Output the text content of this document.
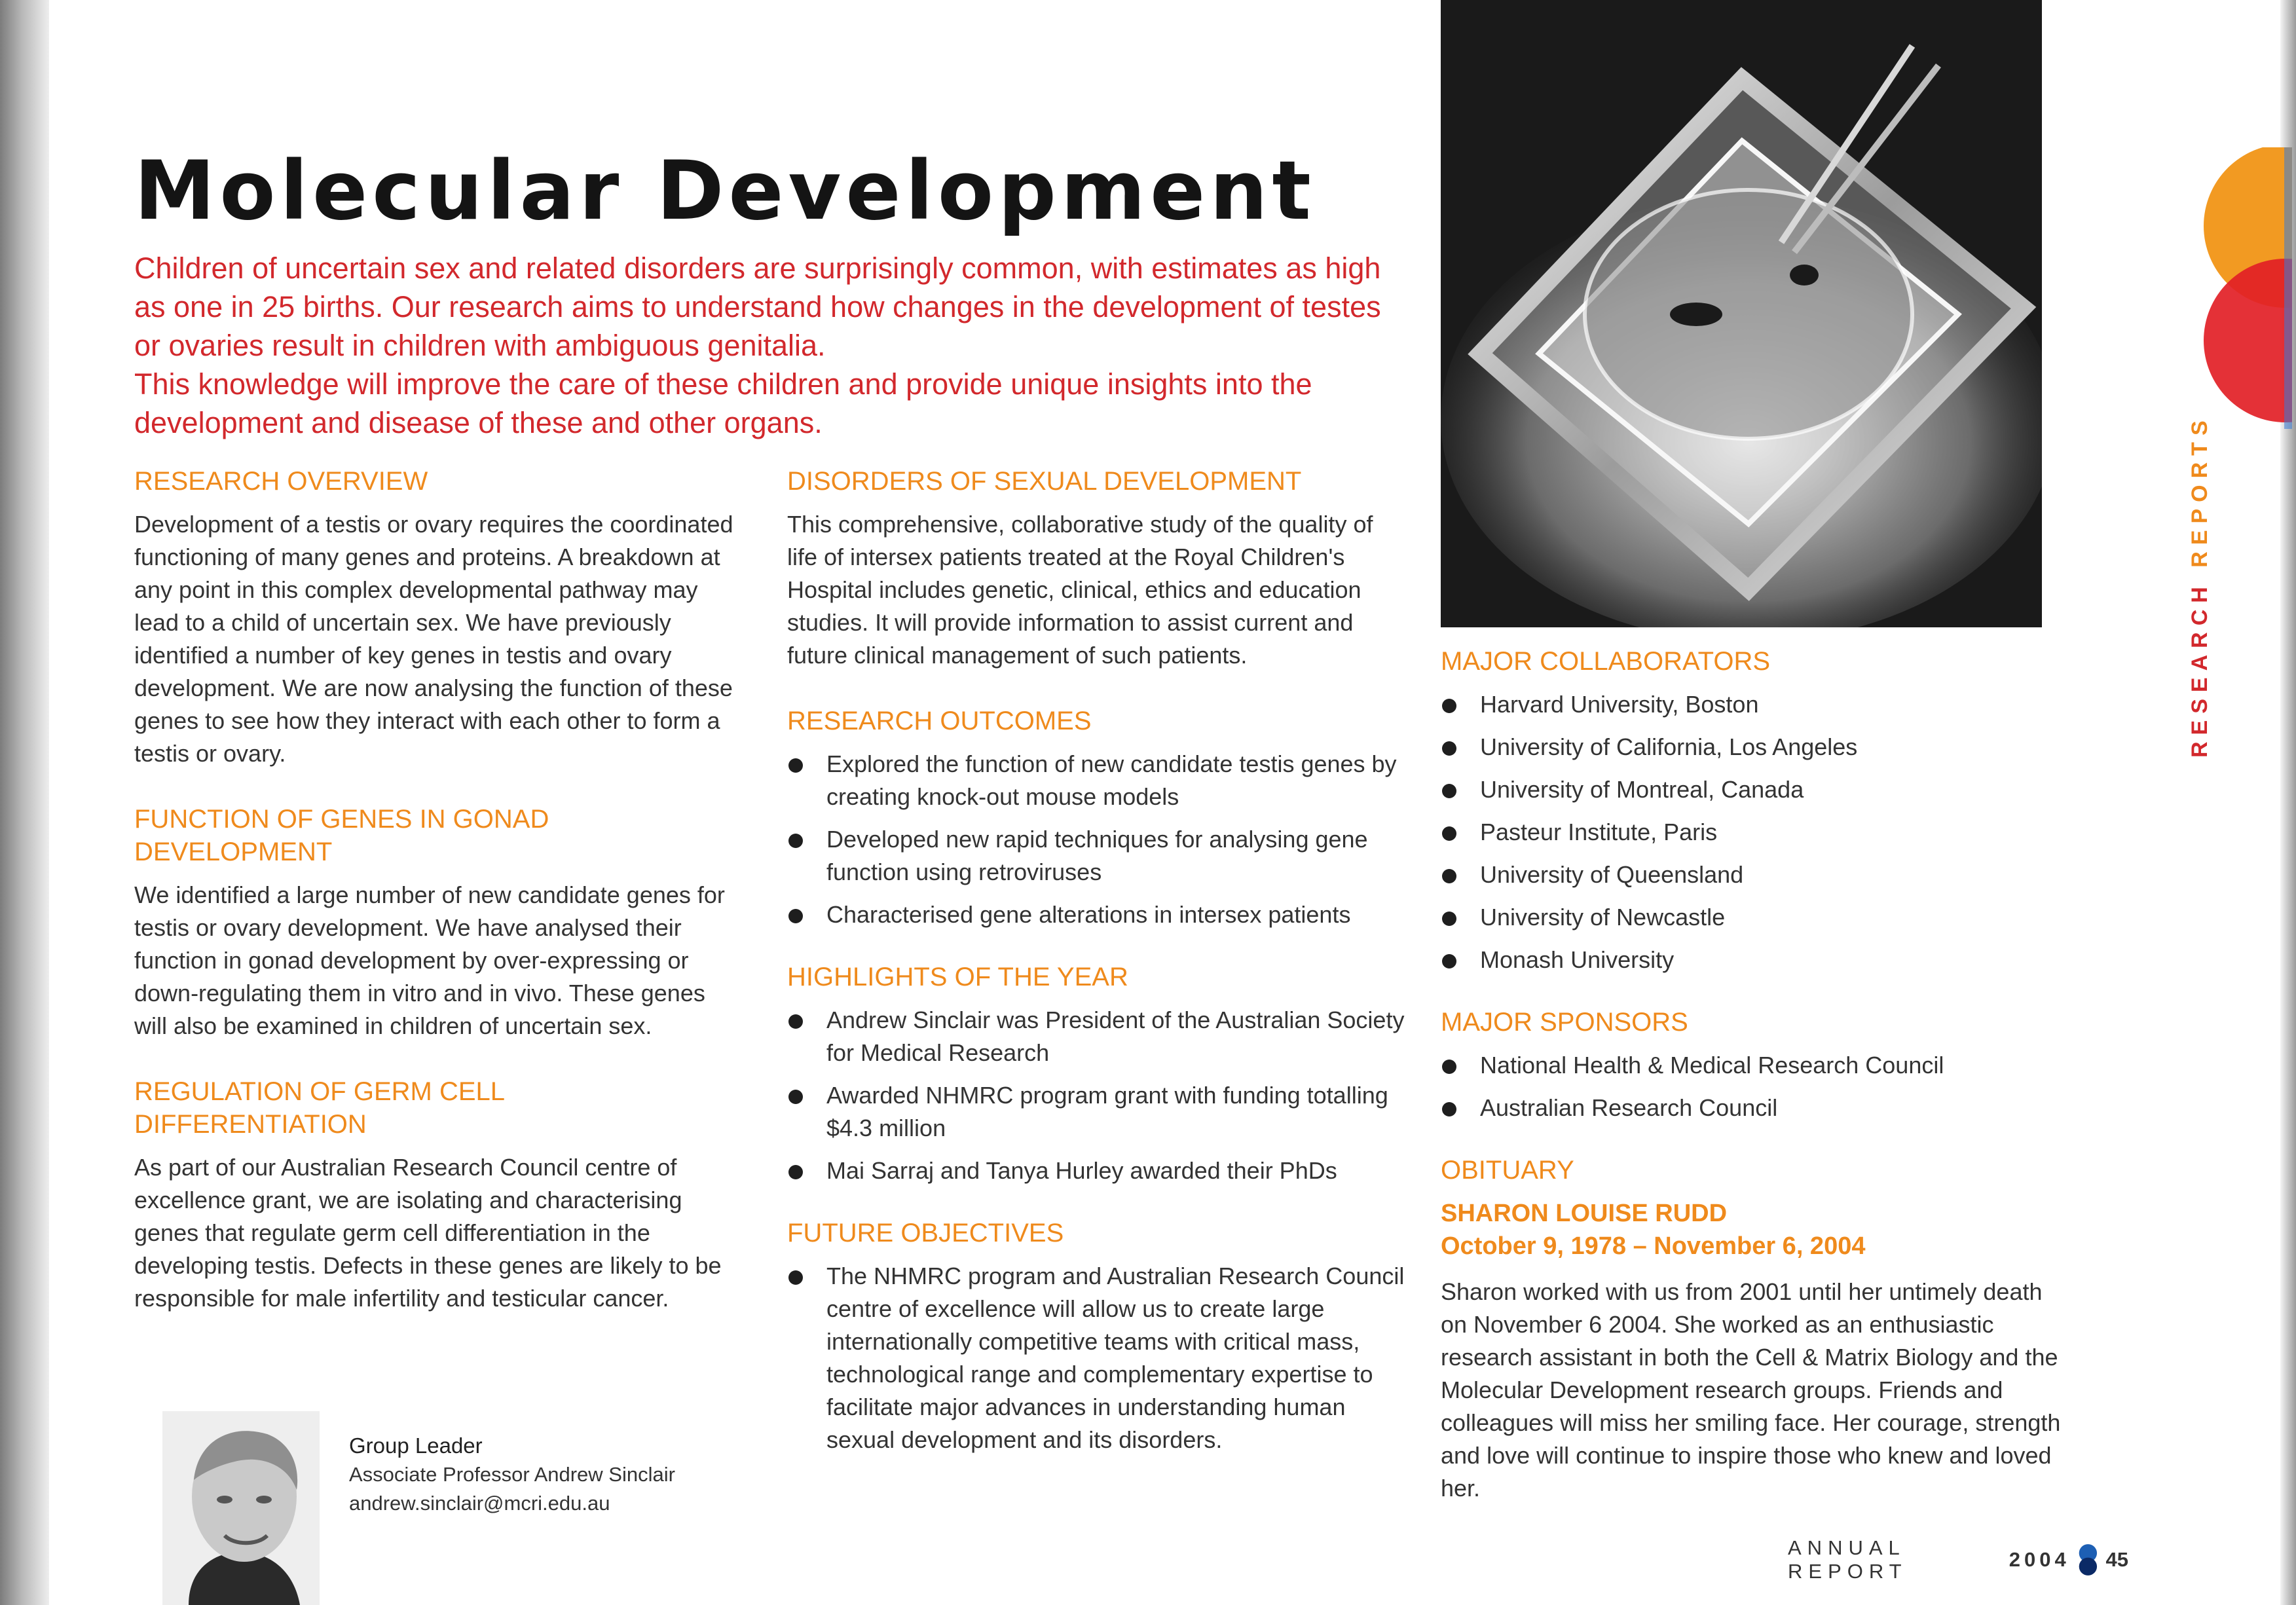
Molecular Development

Children of uncertain sex and related disorders are surprisingly common, with estimates as high as one in 25 births. Our research aims to understand how changes in the development of testes or ovaries result in children with ambiguous genitalia.

This knowledge will improve the care of these children and provide unique insights into the development and disease of these and other organs.

RESEARCH OVERVIEW

Development of a testis or ovary requires the coordinated functioning of many genes and proteins. A breakdown at any point in this complex developmental pathway may lead to a child of uncertain sex. We have previously identified a number of key genes in testis and ovary development. We are now analysing the function of these genes to see how they interact with each other to form a testis or ovary.

FUNCTION OF GENES IN GONAD DEVELOPMENT

We identified a large number of new candidate genes for testis or ovary development. We have analysed their function in gonad development by over-expressing or down-regulating them in vitro and in vivo. These genes will also be examined in children of uncertain sex.

REGULATION OF GERM CELL DIFFERENTIATION

As part of our Australian Research Council centre of excellence grant, we are isolating and characterising genes that regulate germ cell differentiation in the developing testis. Defects in these genes are likely to be responsible for male infertility and testicular cancer.

DISORDERS OF SEXUAL DEVELOPMENT

This comprehensive, collaborative study of the quality of life of intersex patients treated at the Royal Children's Hospital includes genetic, clinical, ethics and education studies. It will provide information to assist current and future clinical management of such patients.

RESEARCH OUTCOMES
Explored the function of new candidate testis genes by creating knock-out mouse models
Developed new rapid techniques for analysing gene function using retroviruses
Characterised gene alterations in intersex patients
HIGHLIGHTS OF THE YEAR
Andrew Sinclair was President of the Australian Society for Medical Research
Awarded NHMRC program grant with funding totalling $4.3 million
Mai Sarraj and Tanya Hurley awarded their PhDs
FUTURE OBJECTIVES
The NHMRC program and Australian Research Council centre of excellence will allow us to create large internationally competitive teams with critical mass, technological range and complementary expertise to facilitate major advances in understanding human sexual development and its disorders.
MAJOR COLLABORATORS
Harvard University, Boston
University of California, Los Angeles
University of Montreal, Canada
Pasteur Institute, Paris
University of Queensland
University of Newcastle
Monash University
MAJOR SPONSORS
National Health & Medical Research Council
Australian Research Council
OBITUARY

SHARON LOUISE RUDD

October 9, 1978 – November 6, 2004

Sharon worked with us from 2001 until her untimely death on November 6 2004. She worked as an enthusiastic research assistant in both the Cell & Matrix Biology and the Molecular Development research groups. Friends and colleagues will miss her smiling face. Her courage, strength and love will continue to inspire those who knew and loved her.

Group Leader
Associate Professor Andrew Sinclair
andrew.sinclair@mcri.edu.au
RESEARCH REPORTS
ANNUAL REPORT
2004 45
